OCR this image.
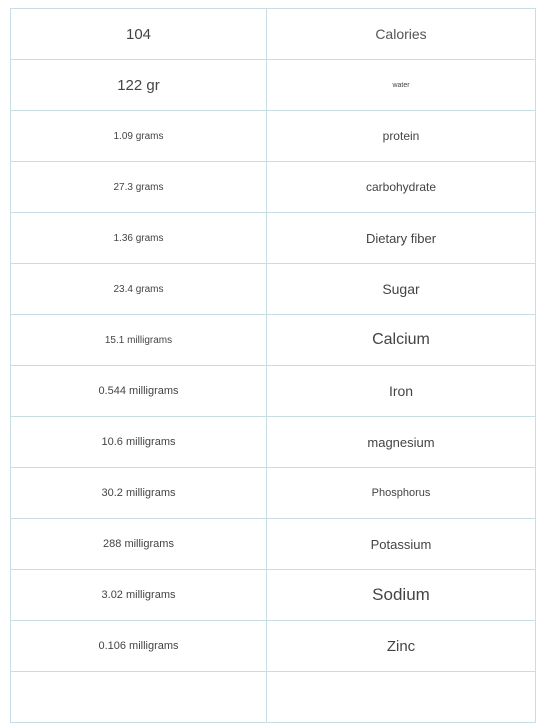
104	Calories
122 gr	water
1.09 grams	protein
27.3 grams	carbohydrate
1.36 grams	Dietary fiber
23.4 grams	Sugar
15.1 milligrams	Calcium
0.544 milligrams	Iron
10.6 milligrams	magnesium
30.2 milligrams	Phosphorus
288 milligrams	Potassium
3.02 milligrams	Sodium
0.106 milligrams	Zinc
